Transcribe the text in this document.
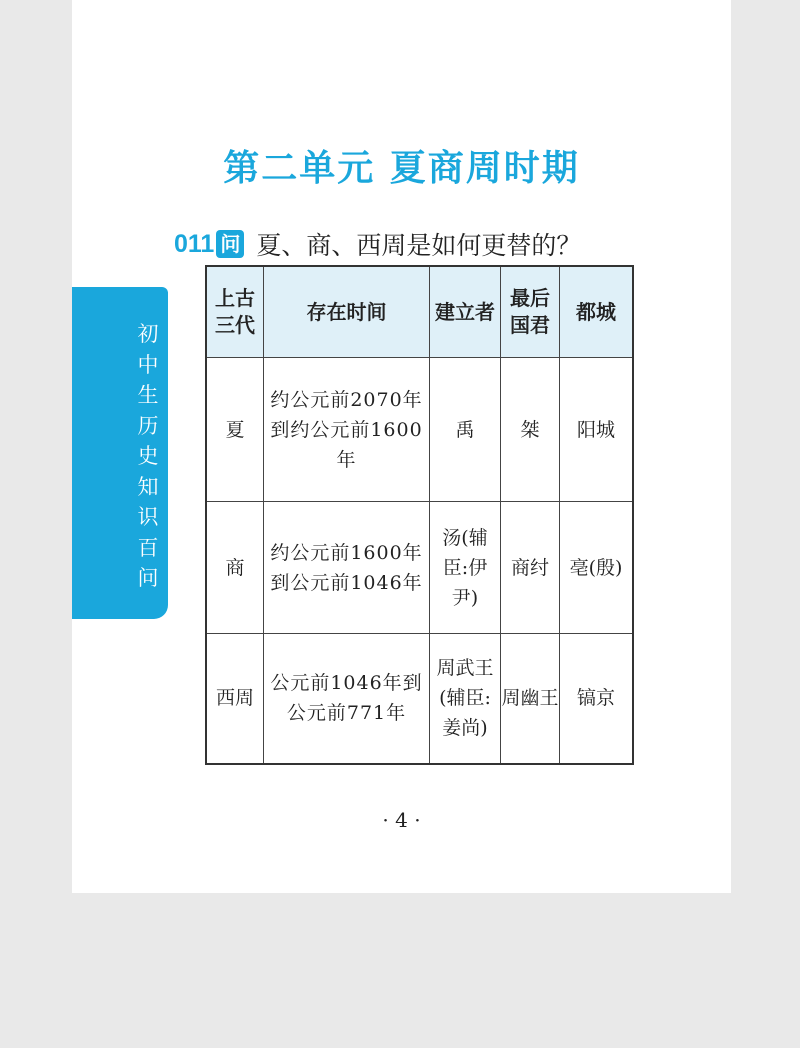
第二单元 夏商周时期
初中生历史知识百问
011 问 夏、商、西周是如何更替的？
上古三代	存在时间	建立者	最后国君	都城
夏	约公元前2070年到约公元前1600年	禹	桀	阳城
商	约公元前1600年到公元前1046年	汤(辅臣:伊尹)	商纣	亳(殷)
西周	公元前1046年到公元前771年	周武王(辅臣:姜尚)	周幽王	镐京
· 4 ·
